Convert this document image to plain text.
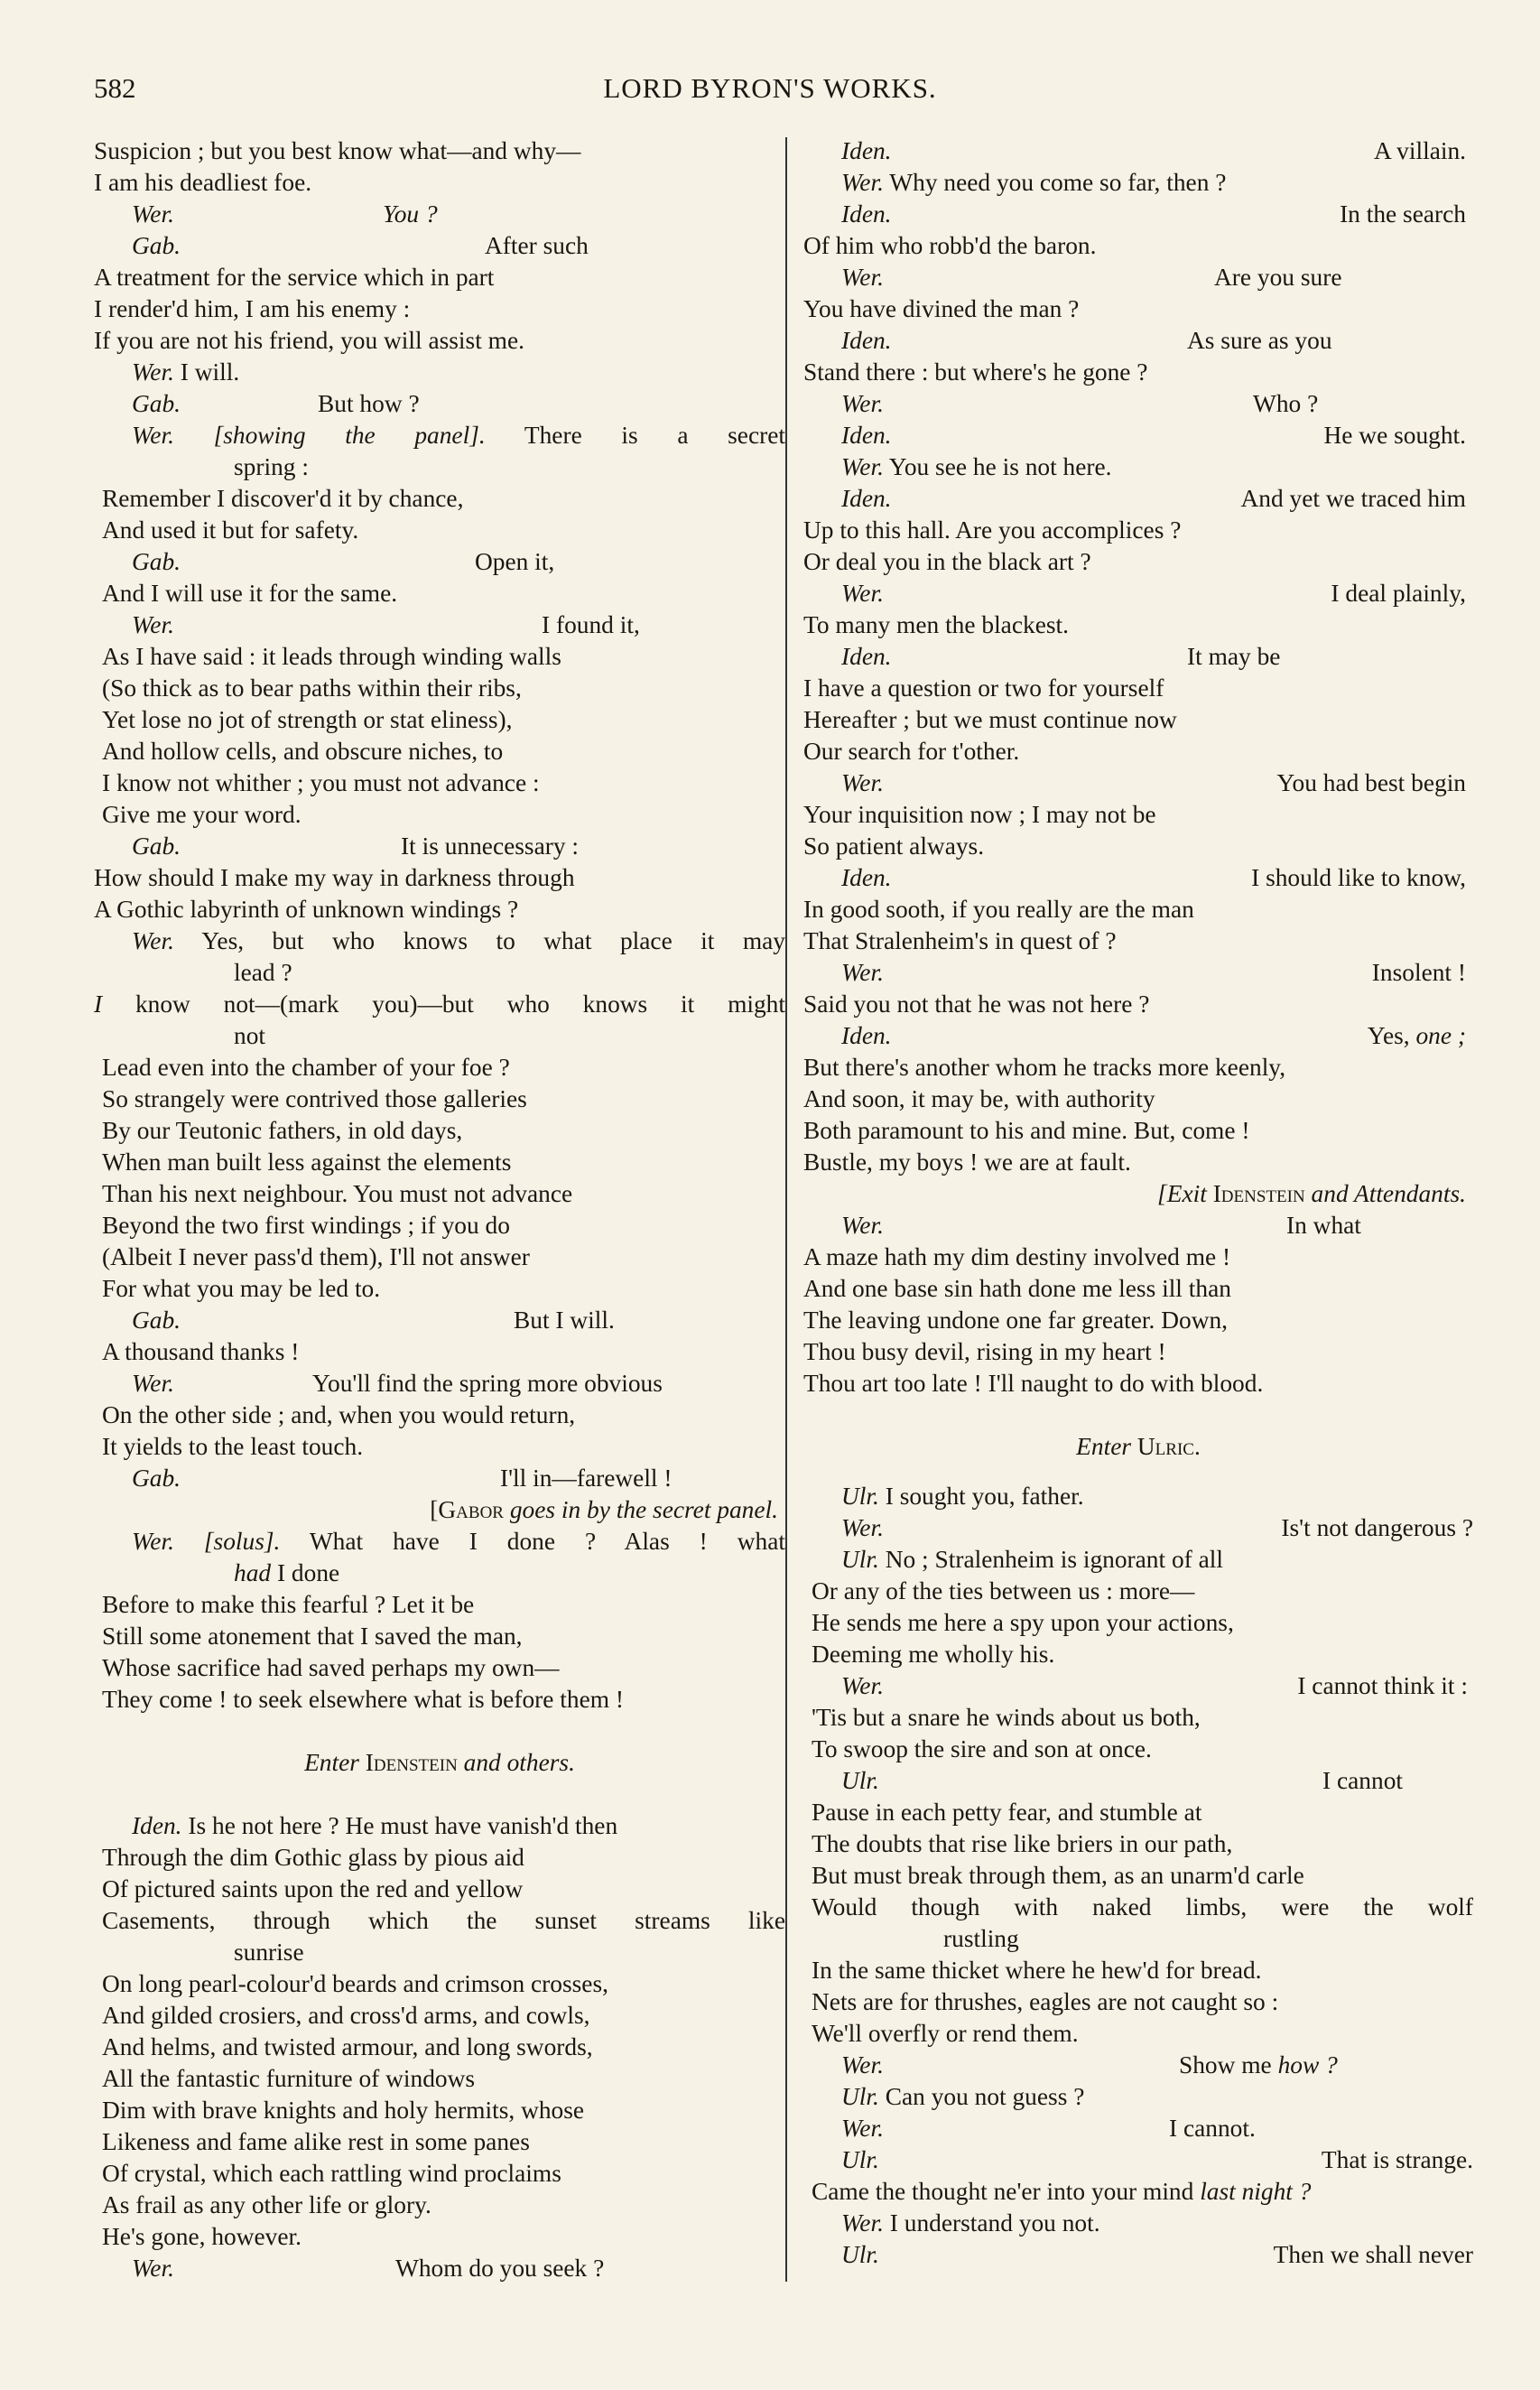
582	LORD BYRON'S WORKS.
Suspicion ; but you best know what—and why—
I am his deadliest foe.
Wer.	You ?
Gab.	After such
A treatment for the service which in part
I render'd him, I am his enemy :
If you are not his friend, you will assist me.
Wer. I will.
Gab.	But how ?
Wer. [showing the panel]. There is a secret
spring :
Remember I discover'd it by chance,
And used it but for safety.
Gab.	Open it,
And I will use it for the same.
Wer.	I found it,
As I have said : it leads through winding walls
(So thick as to bear paths within their ribs,
Yet lose no jot of strength or stat eliness),
And hollow cells, and obscure niches, to
I know not whither ; you must not advance :
Give me your word.
Gab.	It is unnecessary :
How should I make my way in darkness through
A Gothic labyrinth of unknown windings ?
Wer. Yes, but who knows to what place it may
lead ?
I know not—(mark you)—but who knows it might
not
Lead even into the chamber of your foe ?
So strangely were contrived those galleries
By our Teutonic fathers, in old days,
When man built less against the elements
Than his next neighbour. You must not advance
Beyond the two first windings ; if you do
(Albeit I never pass'd them), I'll not answer
For what you may be led to.
Gab.	But I will.
A thousand thanks !
Wer.	You'll find the spring more obvious
On the other side ; and, when you would return,
It yields to the least touch.
Gab.	I'll in—farewell !
[Gabor goes in by the secret panel.
Wer. [solus]. What have I done ? Alas ! what
had I done
Before to make this fearful ? Let it be
Still some atonement that I saved the man,
Whose sacrifice had saved perhaps my own—
They come ! to seek elsewhere what is before them !
Enter Idenstein and others.
Iden. Is he not here ? He must have vanish'd then
Through the dim Gothic glass by pious aid
Of pictured saints upon the red and yellow
Casements, through which the sunset streams like
sunrise
On long pearl-colour'd beards and crimson crosses,
And gilded crosiers, and cross'd arms, and cowls,
And helms, and twisted armour, and long swords,
All the fantastic furniture of windows
Dim with brave knights and holy hermits, whose
Likeness and fame alike rest in some panes
Of crystal, which each rattling wind proclaims
As frail as any other life or glory.
He's gone, however.
Wer.	Whom do you seek ?
Iden.	A villain.
Wer. Why need you come so far, then ?
Iden.	In the search
Of him who robb'd the baron.
Wer.	Are you sure
You have divined the man ?
Iden.	As sure as you
Stand there : but where's he gone ?
Wer.	Who ?
Iden.	He we sought.
Wer. You see he is not here.
Iden.	And yet we traced him
Up to this hall. Are you accomplices ?
Or deal you in the black art ?
Wer.	I deal plainly,
To many men the blackest.
Iden.	It may be
I have a question or two for yourself
Hereafter ; but we must continue now
Our search for t'other.
Wer.	You had best begin
Your inquisition now ; I may not be
So patient always.
Iden.	I should like to know,
In good sooth, if you really are the man
That Stralenheim's in quest of ?
Wer.	Insolent !
Said you not that he was not here ?
Iden.	Yes, one ;
But there's another whom he tracks more keenly,
And soon, it may be, with authority
Both paramount to his and mine. But, come !
Bustle, my boys ! we are at fault.
[Exit Idenstein and Attendants.
Wer.	In what
A maze hath my dim destiny involved me !
And one base sin hath done me less ill than
The leaving undone one far greater. Down,
Thou busy devil, rising in my heart !
Thou art too late ! I'll naught to do with blood.
Enter Ulric.
Ulr. I sought you, father.
Wer.	Is't not dangerous ?
Ulr. No ; Stralenheim is ignorant of all
Or any of the ties between us : more—
He sends me here a spy upon your actions,
Deeming me wholly his.
Wer.	I cannot think it :
'Tis but a snare he winds about us both,
To swoop the sire and son at once.
Ulr.	I cannot
Pause in each petty fear, and stumble at
The doubts that rise like briers in our path,
But must break through them, as an unarm'd carle
Would though with naked limbs, were the wolf
rustling
In the same thicket where he hew'd for bread.
Nets are for thrushes, eagles are not caught so :
We'll overfly or rend them.
Wer.	Show me how ?
Ulr. Can you not guess ?
Wer.	I cannot.
Ulr.	That is strange.
Came the thought ne'er into your mind last night ?
Wer. I understand you not.
Ulr.	Then we shall never
